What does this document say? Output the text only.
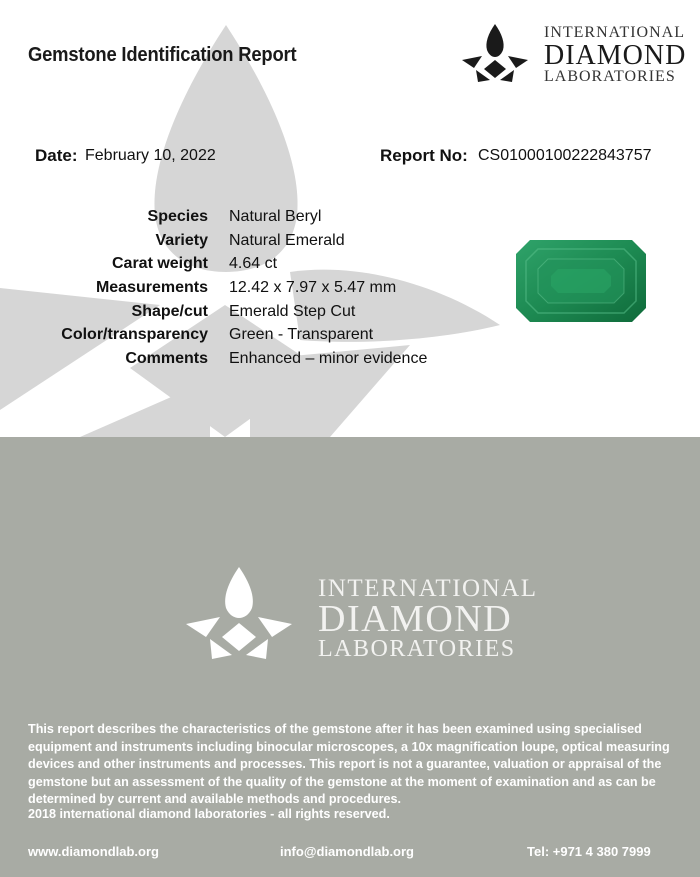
Gemstone Identification Report
INTERNATIONAL
DIAMOND
LABORATORIES
Date: February 10, 2022	Report No: CS01000100222843757
Species Natural Beryl
Variety Natural Emerald
Carat weight 4.64 ct
Measurements 12.42 x 7.97 x 5.47 mm
Shape/cut Emerald Step Cut
Color/transparency Green - Transparent
Comments Enhanced – minor evidence
INTERNATIONAL
DIAMOND
LABORATORIES

This report describes the characteristics of the gemstone after it has been examined using specialised equipment and instruments including binocular microscopes, a 10x magnification loupe, optical measuring devices and other instruments and processes. This report is not a guarantee, valuation or appraisal of the gemstone but an assessment of the quality of the gemstone at the moment of examination and as can be determined by current and available methods and procedures.

2018 international diamond laboratories - all rights reserved.
www.diamondlab.org	info@diamondlab.org	Tel: +971 4 380 7999
